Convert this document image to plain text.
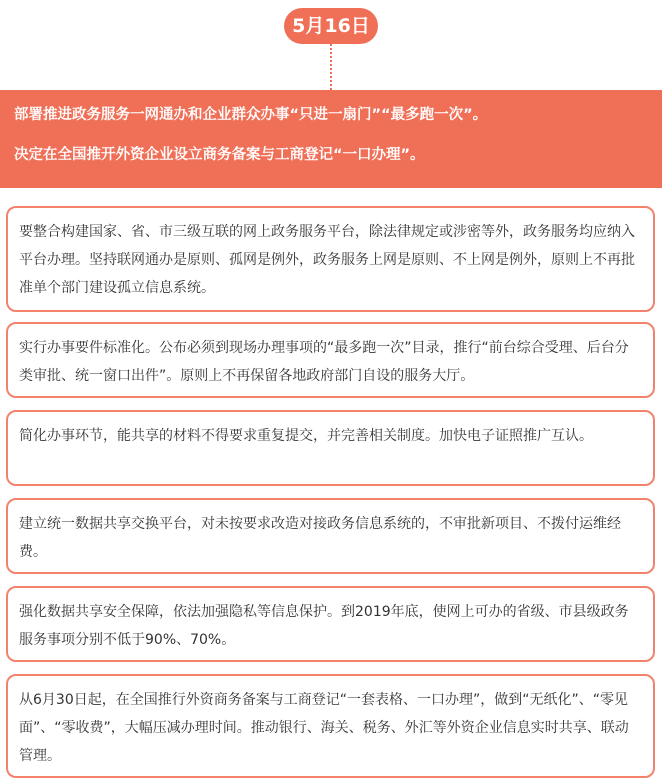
5月16日
部署推进政务服务一网通办和企业群众办事“只进一扇门”“最多跑一次”。
决定在全国推开外资企业设立商务备案与工商登记“一口办理”。
要整合构建国家、省、市三级互联的网上政务服务平台，除法律规定或涉密等外，政务服务均应纳入平台办理。坚持联网通办是原则、孤网是例外，政务服务上网是原则、不上网是例外，原则上不再批准单个部门建设孤立信息系统。
实行办事要件标准化。公布必须到现场办理事项的“最多跑一次”目录，推行“前台综合受理、后台分类审批、统一窗口出件”。原则上不再保留各地政府部门自设的服务大厅。
简化办事环节，能共享的材料不得要求重复提交，并完善相关制度。加快电子证照推广互认。
建立统一数据共享交换平台，对未按要求改造对接政务信息系统的，不审批新项目、不拨付运维经费。
强化数据共享安全保障，依法加强隐私等信息保护。到2019年底，使网上可办的省级、市县级政务服务事项分别不低于90%、70%。
从6月30日起，在全国推行外资商务备案与工商登记“一套表格、一口办理”，做到“无纸化”、“零见面”、“零收费”，大幅压减办理时间。推动银行、海关、税务、外汇等外资企业信息实时共享、联动管理。
